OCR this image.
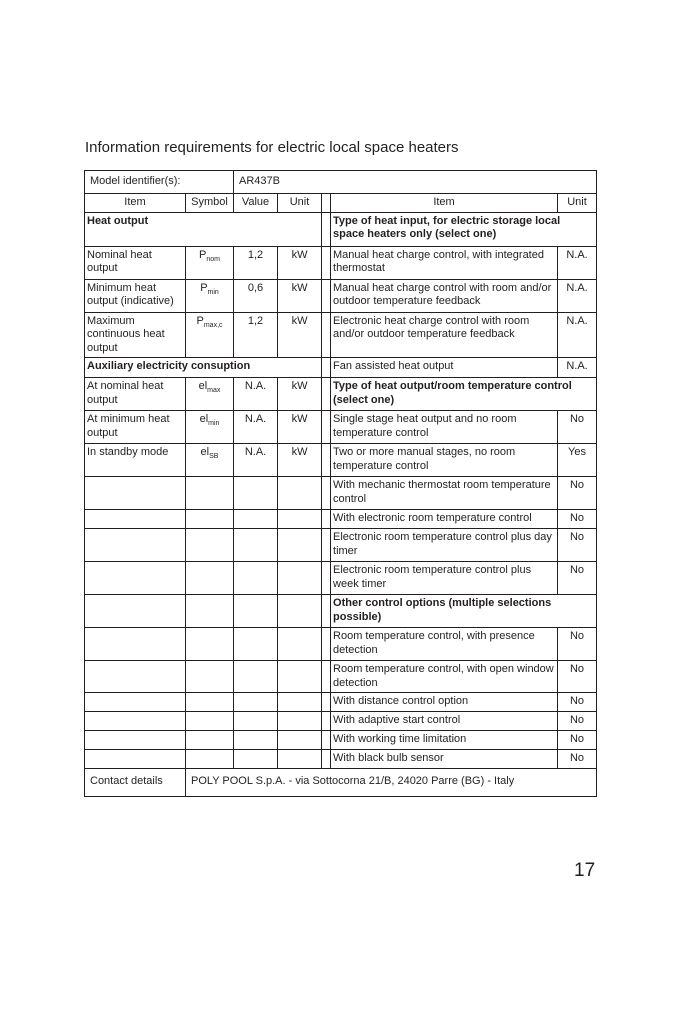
Information requirements for electric local space heaters
Model identifier(s):		AR437B				
Item	Symbol	Value	Unit		Item	Unit
Heat output					Type of heat input, for electric storage local space heaters only (select one)	
Nominal heat output	$P_{nom}$	1,2	kW		Manual heat charge control, with integrated thermostat	N.A.
Minimum heat output (indicative)	$P_{min}$	0,6	kW		Manual heat charge control with room and/or outdoor temperature feedback	N.A.
Maximum continuous heat output	$P_{max,c}$	1,2	kW		Electronic heat charge control with room and/or outdoor temperature feedback	N.A.
Auxiliary electricity consuption					Fan assisted heat output	N.A.
At nominal heat output	$el_{max}$	N.A.	kW		Type of heat output/room temperature control (select one)	
At minimum heat output	$el_{min}$	N.A.	kW		Single stage heat output and no room temperature control	No
In standby mode	$el_{SB}$	N.A.	kW		Two or more manual stages, no room temperature control	Yes
					With mechanic thermostat room temperature control	No
					With electronic room temperature control	No
					Electronic room temperature control plus day timer	No
					Electronic room temperature control plus week timer	No
					Other control options (multiple selections possible)	
					Room temperature control, with presence detection	No
					Room temperature control, with open window detection	No
					With distance control option	No
					With adaptive start control	No
					With working time limitation	No
					With black bulb sensor	No
Contact details	POLY POOL S.p.A. - via Sottocorna 21/B, 24020 Parre (BG) - Italy					
17
